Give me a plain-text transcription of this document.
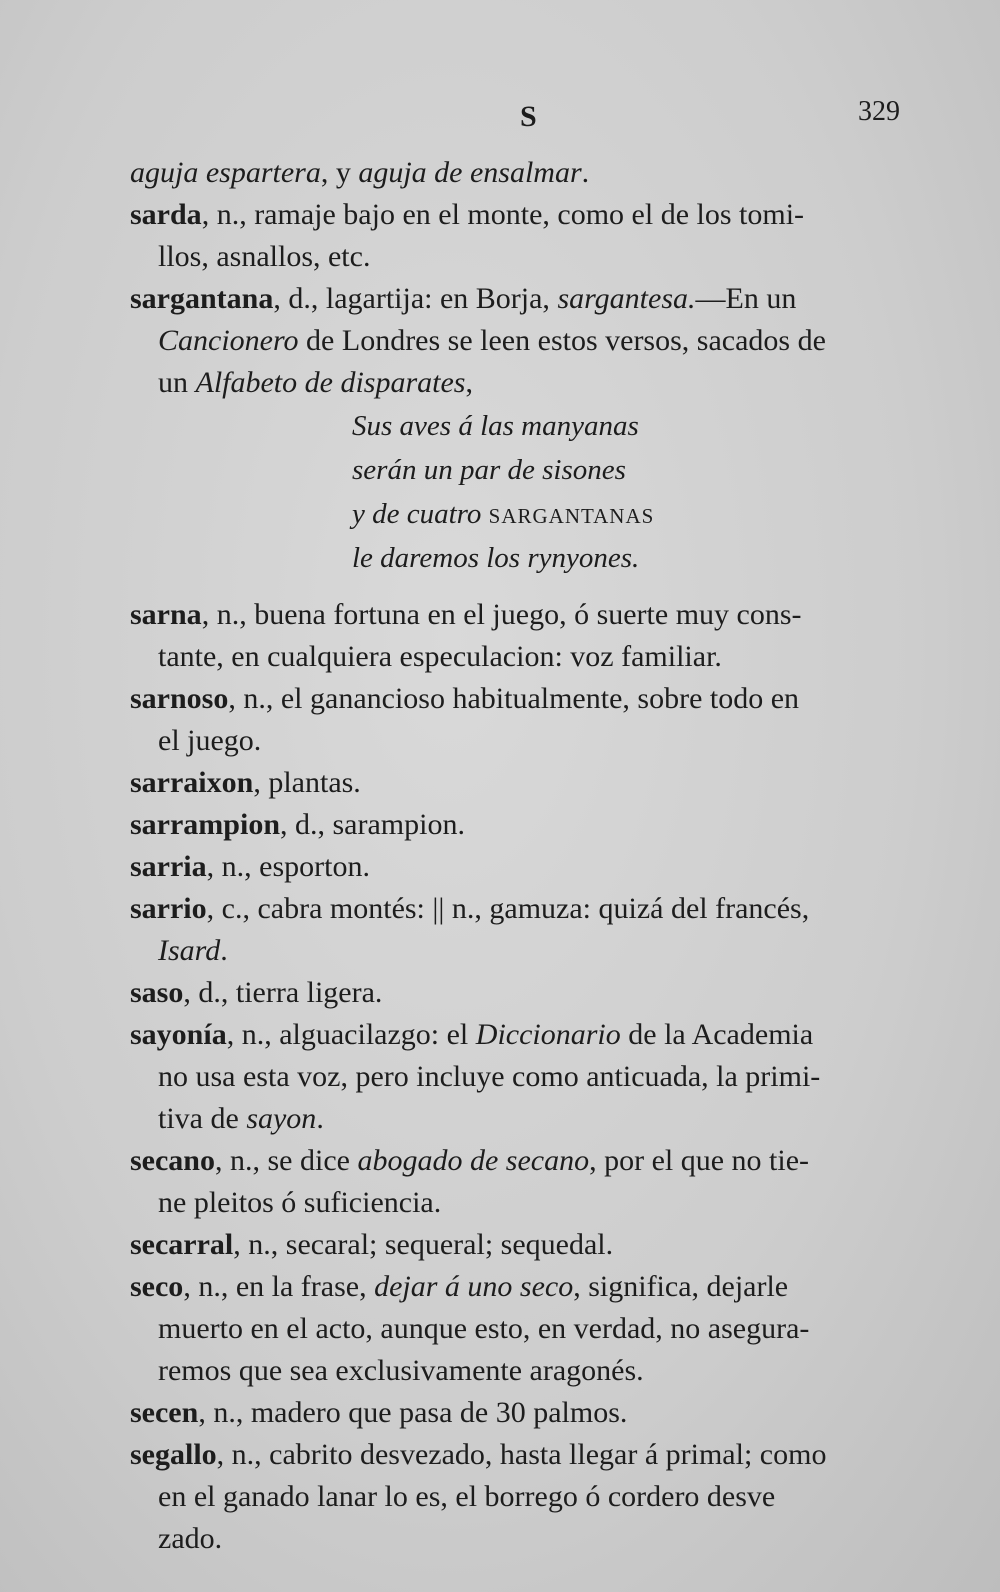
S	329
aguja espartera, y aguja de ensalmar.
sarda, n., ramaje bajo en el monte, como el de los tomi-
llos, asnallos, etc.
sargantana, d., lagartija: en Borja, sargantesa.—En un
Cancionero de Londres se leen estos versos, sacados de
un Alfabeto de disparates,
Sus aves á las manyanas
serán un par de sisones
y de cuatro SARGANTANAS
le daremos los rynyones.
sarna, n., buena fortuna en el juego, ó suerte muy cons-
tante, en cualquiera especulacion: voz familiar.
sarnoso, n., el ganancioso habitualmente, sobre todo en
el juego.
sarraixon, plantas.
sarrampion, d., sarampion.
sarria, n., esporton.
sarrio, c., cabra montés: || n., gamuza: quizá del francés,
Isard.
saso, d., tierra ligera.
sayonía, n., alguacilazgo: el Diccionario de la Academia
no usa esta voz, pero incluye como anticuada, la primi-
tiva de sayon.
secano, n., se dice abogado de secano, por el que no tie-
ne pleitos ó suficiencia.
secarral, n., secaral; sequeral; sequedal.
seco, n., en la frase, dejar á uno seco, significa, dejarle
muerto en el acto, aunque esto, en verdad, no asegura-
remos que sea exclusivamente aragonés.
secen, n., madero que pasa de 30 palmos.
segallo, n., cabrito desvezado, hasta llegar á primal; como
en el ganado lanar lo es, el borrego ó cordero desve
zado.
